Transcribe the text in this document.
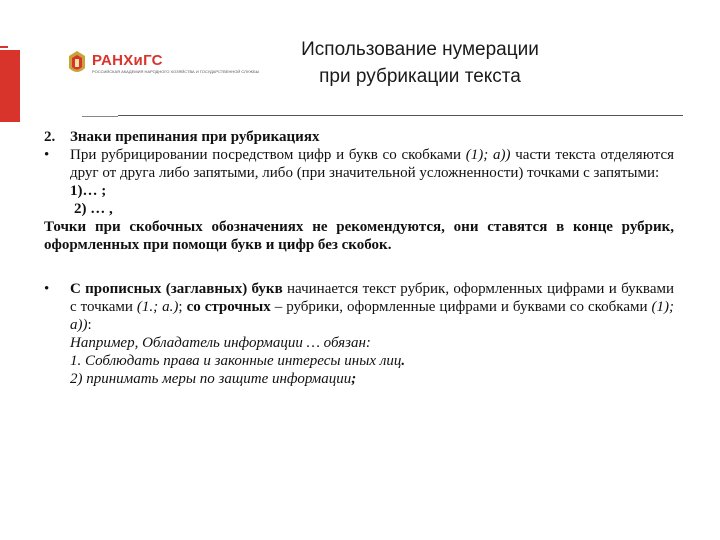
РАНХиГС
РОССИЙСКАЯ АКАДЕМИЯ НАРОДНОГО ХОЗЯЙСТВА И ГОСУДАРСТВЕННОЙ СЛУЖБЫ
Использование нумерации
при рубрикации текста
2. Знаки препинания при рубрикациях
•	При рубрицировании посредством цифр и букв со скобками (1); а)) части текста отделяются друг от друга либо запятыми, либо (при значительной усложненности) точками с запятыми:

1)… ;
2) … ,

Точки при скобочных обозначениях не рекомендуются, они ставятся в конце рубрик, оформленных при помощи букв и цифр без скобок.

•	С прописных (заглавных) букв начинается текст рубрик, оформленных цифрами и буквами с точками (1.; а.); со строчных – рубрики, оформленные цифрами и буквами со скобками (1); а)):

Например, Обладатель информации … обязан:

1. Соблюдать права и законные интересы иных лиц.

2) принимать меры по защите информации;
